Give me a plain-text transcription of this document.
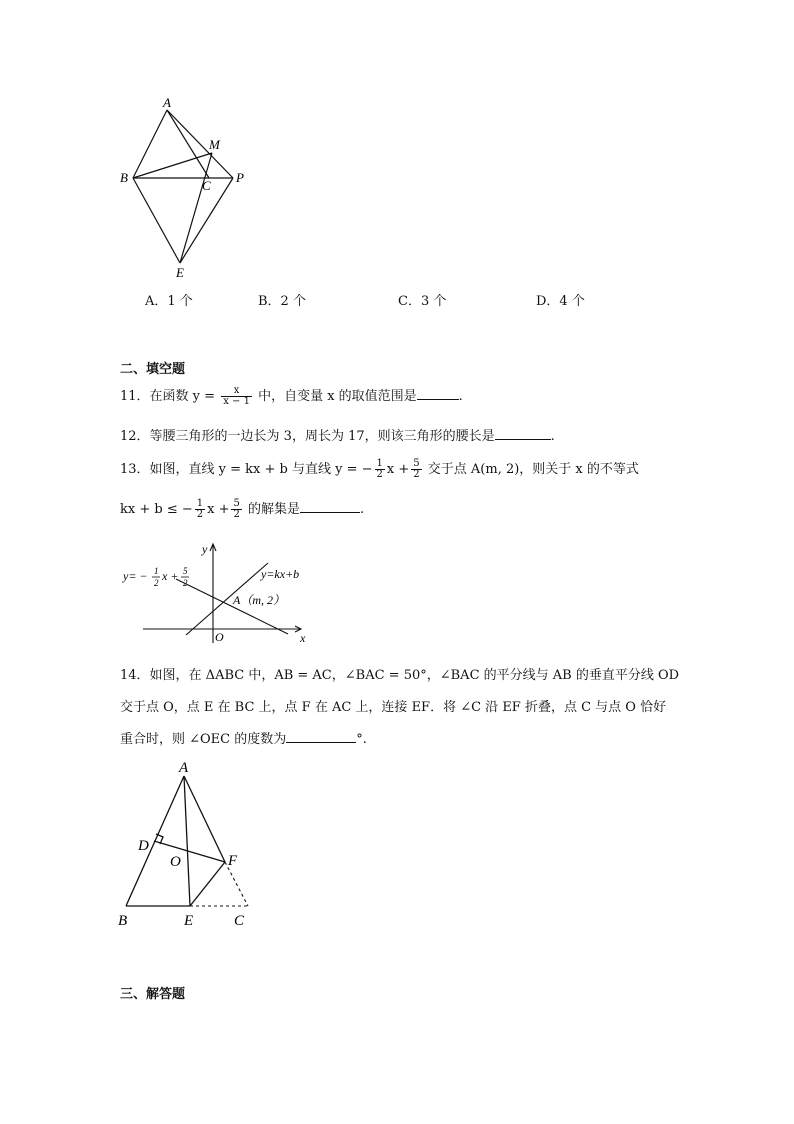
A
M
B
C
P
E
A．1 个	B．2 个	C．3 个	D．4 个
二、填空题
11．在函数 $y = \frac{x}{x - 1}$ 中，自变量 x 的取值范围是	.
12．等腰三角形的一边长为 3，周长为 17，则该三角形的腰长是	.
13．如图，直线 y = kx + b 与直线 y = − $\frac{1}{2}$ $x + \frac{5}{2}$ 交于点 A(m, 2)，则关于 x 的不等式
kx + b ≤ − $\frac{1}{2}$ $x + \frac{5}{2}$ 的解集是	.
y= − 1
2 x + 5
2
y=kx+b
A（m, 2）
O	x
y
14．如图，在 ΔABC 中，AB = AC，∠BAC = 50°，∠BAC 的平分线与 AB 的垂直平分线 OD
交于点 O，点 E 在 BC 上，点 F 在 AC 上，连接 EF．将 ∠C 沿 EF 折叠，点 C 与点 O 恰好
重合时，则 ∠OEC 的度数为	°.
A
D
O	F
B	E	C
三、解答题
